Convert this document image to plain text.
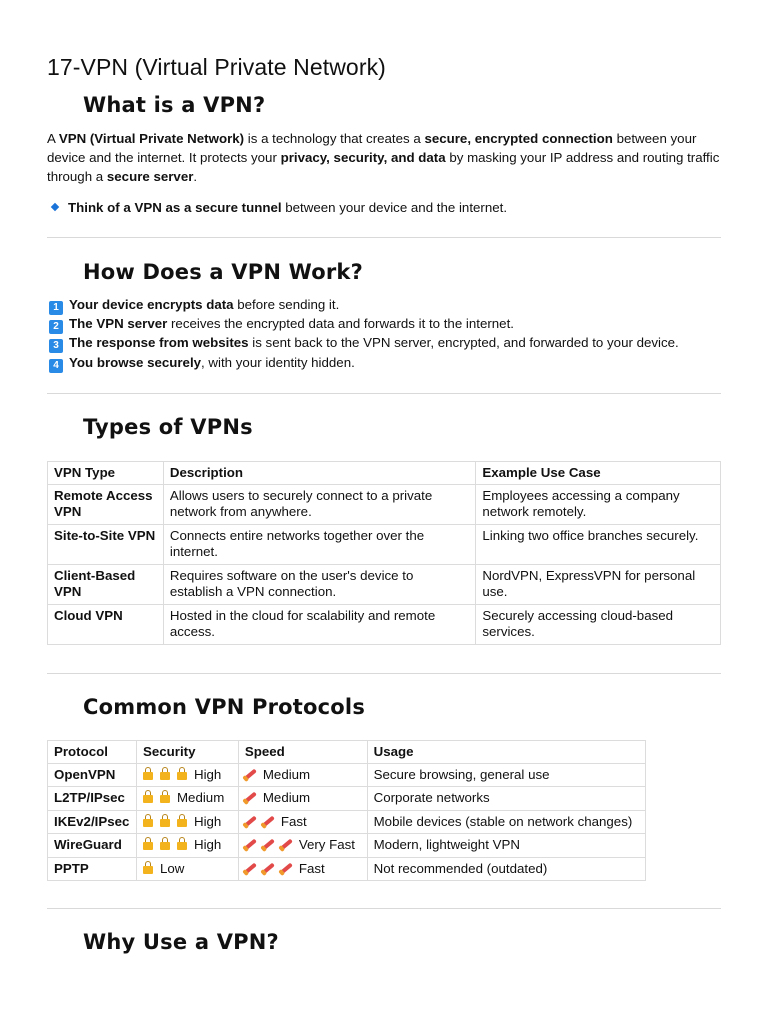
17-VPN (Virtual Private Network)
What is a VPN?

A VPN (Virtual Private Network) is a technology that creates a secure, encrypted connection between your device and the internet. It protects your privacy, security, and data by masking your IP address and routing traffic through a secure server.

Think of a VPN as a secure tunnel between your device and the internet.
How Does a VPN Work?
1 Your device encrypts data before sending it.
2 The VPN server receives the encrypted data and forwards it to the internet.
3 The response from websites is sent back to the VPN server, encrypted, and forwarded to your device.
4 You browse securely, with your identity hidden.
Types of VPNs
VPN Type	Description	Example Use Case
Remote Access VPN	Allows users to securely connect to a private network from anywhere.	Employees accessing a company network remotely.
Site-to-Site VPN	Connects entire networks together over the internet.	Linking two office branches securely.
Client-Based VPN	Requires software on the user's device to establish a VPN connection.	NordVPN, ExpressVPN for personal use.
Cloud VPN	Hosted in the cloud for scalability and remote access.	Securely accessing cloud-based services.
Common VPN Protocols
Protocol	Security	Speed	Usage
OpenVPN	High	Medium	Secure browsing, general use
L2TP/IPsec	Medium	Medium	Corporate networks
IKEv2/IPsec	High	Fast	Mobile devices (stable on network changes)
WireGuard	High	Very Fast	Modern, lightweight VPN
PPTP	Low	Fast	Not recommended (outdated)
Why Use a VPN?
